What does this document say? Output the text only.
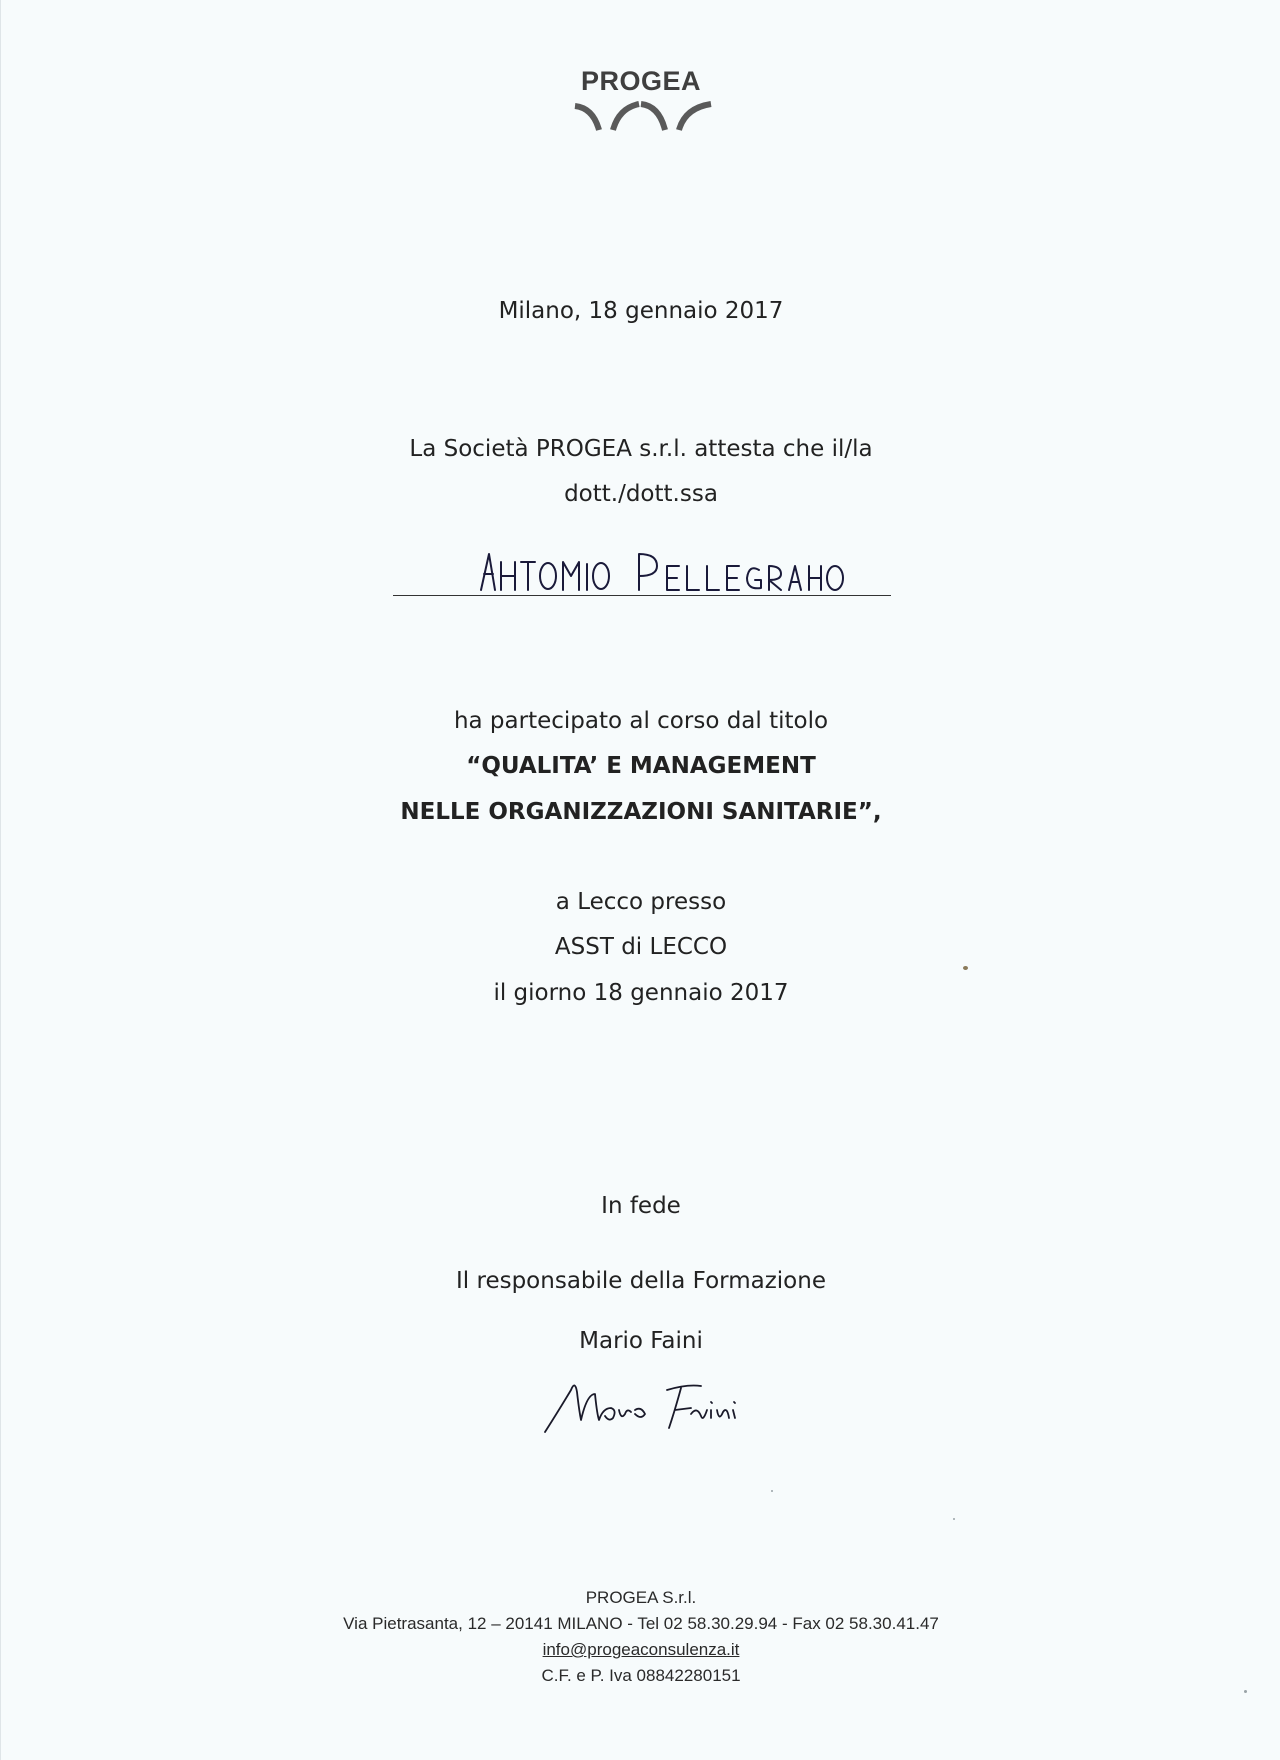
PROGEA
Milano, 18 gennaio 2017
La Società PROGEA s.r.l. attesta che il/la
dott./dott.ssa
ha partecipato al corso dal titolo
“QUALITA’ E MANAGEMENT
NELLE ORGANIZZAZIONI SANITARIE”,
a Lecco presso
ASST di LECCO
il giorno 18 gennaio 2017
In fede
Il responsabile della Formazione
Mario Faini
PROGEA S.r.l.
Via Pietrasanta, 12 – 20141 MILANO - Tel 02 58.30.29.94 - Fax 02 58.30.41.47
info@progeaconsulenza.it
C.F. e P. Iva 08842280151
